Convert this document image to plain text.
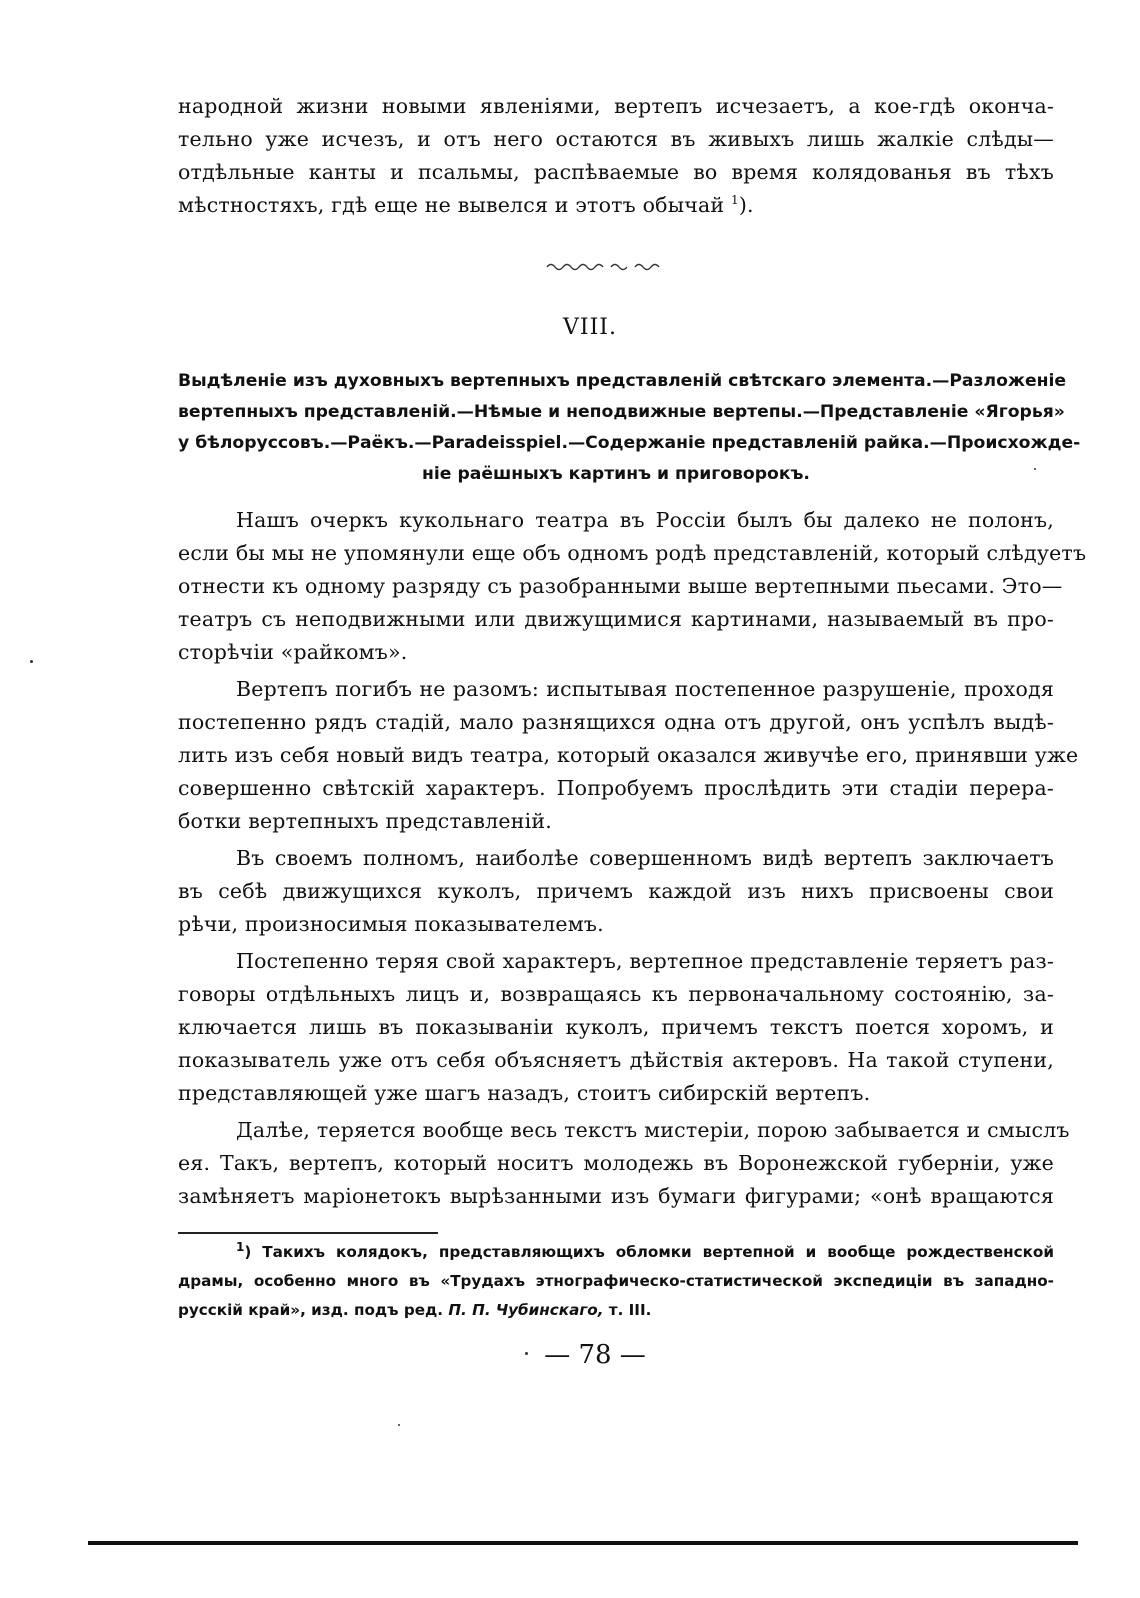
народной жизни новыми явленіями, вертепъ исчезаетъ, а кое-гдѣ оконча-
тельно уже исчезъ, и отъ него остаются въ живыхъ лишь жалкіе слѣды—
отдѣльные канты и псальмы, распѣваемые во время колядованья въ тѣхъ
мѣстностяхъ, гдѣ еще не вывелся и этотъ обычай $^1$).
VIII.
Выдѣленіе изъ духовныхъ вертепныхъ представленій свѣтскаго элемента.—Разложеніе
вертепныхъ представленій.—Нѣмые и неподвижные вертепы.—Представленіе «Ягорья»
у бѣлоруссовъ.—Раёкъ.—Paradeisspiel.—Содержаніе представленій райка.—Происхожде-
ніе раёшныхъ картинъ и приговорокъ.
Нашъ очеркъ кукольнаго театра въ Россіи былъ бы далеко не полонъ,
если бы мы не упомянули еще объ одномъ родѣ представленій, который слѣдуетъ
отнести къ одному разряду съ разобранными выше вертепными пьесами. Это—
театръ съ неподвижными или движущимися картинами, называемый въ про-
сторѣчіи «райкомъ».
Вертепъ погибъ не разомъ: испытывая постепенное разрушеніе, проходя
постепенно рядъ стадій, мало разнящихся одна отъ другой, онъ успѣлъ выдѣ-
лить изъ себя новый видъ театра, который оказался живучѣе его, принявши уже
совершенно свѣтскій характеръ. Попробуемъ прослѣдить эти стадіи перера-
ботки вертепныхъ представленій.
Въ своемъ полномъ, наиболѣе совершенномъ видѣ вертепъ заключаетъ
въ себѣ движущихся куколъ, причемъ каждой изъ нихъ присвоены свои
рѣчи, произносимыя показывателемъ.
Постепенно теряя свой характеръ, вертепное представленіе теряетъ раз-
говоры отдѣльныхъ лицъ и, возвращаясь къ первоначальному состоянію, за-
ключается лишь въ показываніи куколъ, причемъ текстъ поется хоромъ, и
показыватель уже отъ себя объясняетъ дѣйствія актеровъ. На такой ступени,
представляющей уже шагъ назадъ, стоитъ сибирскій вертепъ.
Далѣе, теряется вообще весь текстъ мистеріи, порою забывается и смыслъ
ея. Такъ, вертепъ, который носитъ молодежь въ Воронежской губерніи, уже
замѣняетъ маріонетокъ вырѣзанными изъ бумаги фигурами; «онѣ вращаются
$^1$) Такихъ колядокъ, представляющихъ обломки вертепной и вообще рождественской
драмы, особенно много въ «Трудахъ этнографическо-статистической экспедиціи въ западно-
русскій край», изд. подъ ред. П. П. Чубинскаго, т. III.
— 78 —
